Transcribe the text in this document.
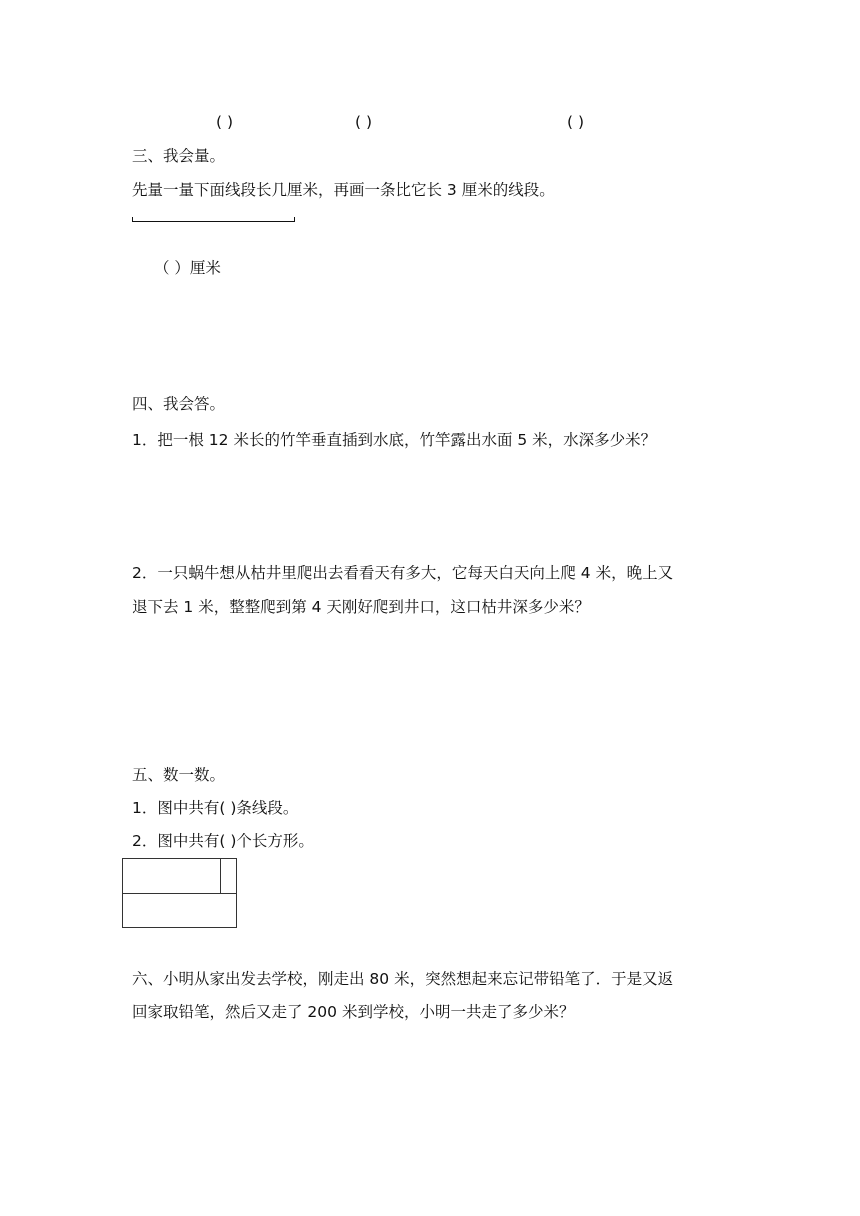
( )	( )	( )
三、我会量。
先量一量下面线段长几厘米，再画一条比它长 3 厘米的线段。
（ ）厘米
四、我会答。
1．把一根 12 米长的竹竿垂直插到水底，竹竿露出水面 5 米，水深多少米？
2．一只蜗牛想从枯井里爬出去看看天有多大，它每天白天向上爬 4 米，晚上又
退下去 1 米，整整爬到第 4 天刚好爬到井口，这口枯井深多少米？
五、数一数。
1．图中共有( )条线段。
2．图中共有( )个长方形。
六、小明从家出发去学校，刚走出 80 米，突然想起来忘记带铅笔了．于是又返
回家取铅笔，然后又走了 200 米到学校，小明一共走了多少米？
